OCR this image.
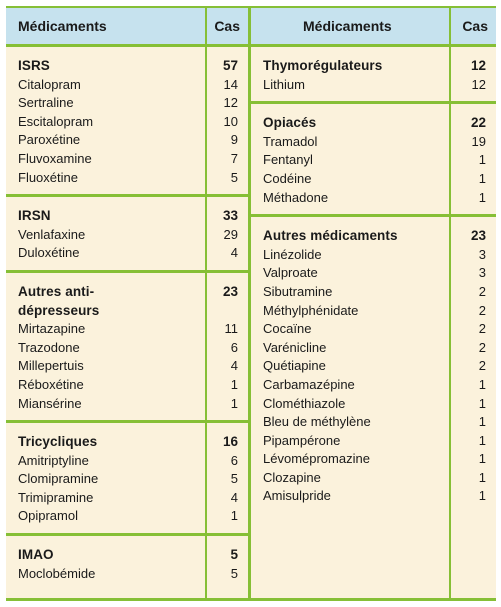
Médicaments	Cas	Médicaments	Cas
ISRS	57
Citalopram	14
Sertraline	12
Escitalopram	10
Paroxétine	9
Fluvoxamine	7
Fluoxétine	5
IRSN	33
Venlafaxine	29
Duloxétine	4
Autres anti-	23
dépresseurs
Mirtazapine	11
Trazodone	6
Millepertuis	4
Réboxétine	1
Miansérine	1
Tricycliques	16
Amitriptyline	6
Clomipramine	5
Trimipramine	4
Opipramol	1
IMAO	5
Moclobémide	5
Thymorégulateurs	12
Lithium	12
Opiacés	22
Tramadol	19
Fentanyl	1
Codéine	1
Méthadone	1
Autres médicaments	23
Linézolide	3
Valproate	3
Sibutramine	2
Méthylphénidate	2
Cocaïne	2
Varénicline	2
Quétiapine	2
Carbamazépine	1
Clométhiazole	1
Bleu de méthylène	1
Pipampérone	1
Lévomépromazine	1
Clozapine	1
Amisulpride	1
